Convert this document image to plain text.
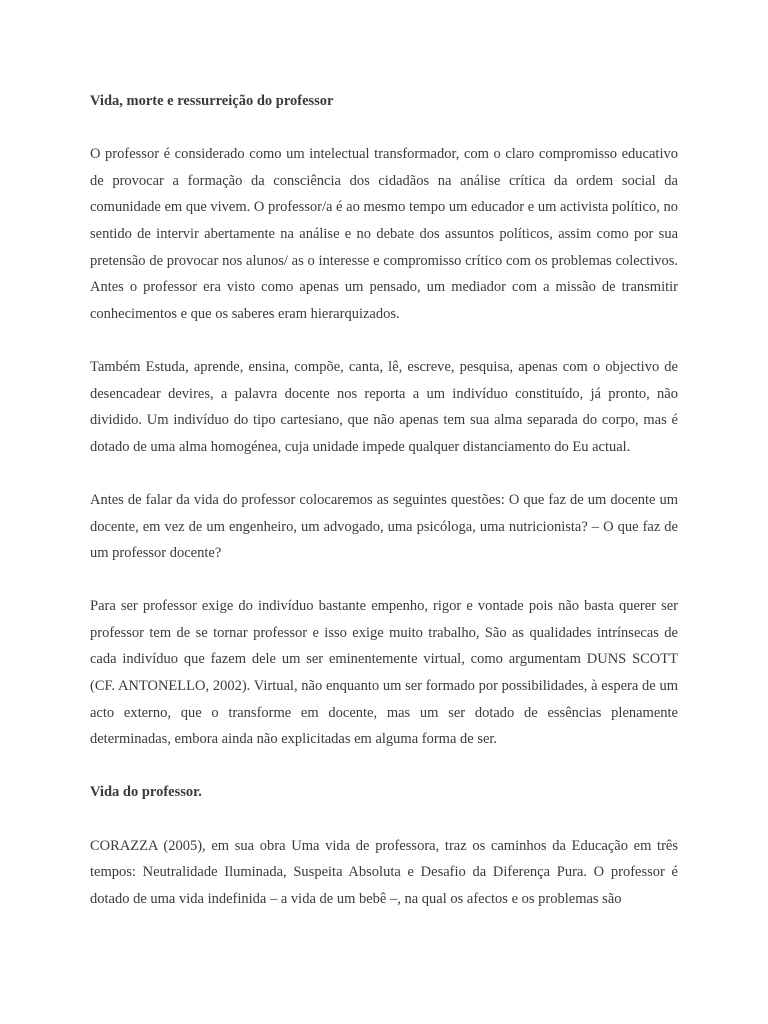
Vida, morte e ressurreição do professor

O professor é considerado como um intelectual transformador, com o claro compromisso educativo de provocar a formação da consciência dos cidadãos na análise crítica da ordem social da comunidade em que vivem. O professor/a é ao mesmo tempo um educador e um activista político, no sentido de intervir abertamente na análise e no debate dos assuntos políticos, assim como por sua pretensão de provocar nos alunos/ as o interesse e compromisso crítico com os problemas colectivos. Antes o professor era visto como apenas um pensado, um mediador com a missão de transmitir conhecimentos e que os saberes eram hierarquizados.

Também Estuda, aprende, ensina, compõe, canta, lê, escreve, pesquisa, apenas com o objectivo de desencadear devires, a palavra docente nos reporta a um indivíduo constituído, já pronto, não dividido. Um indivíduo do tipo cartesiano, que não apenas tem sua alma separada do corpo, mas é dotado de uma alma homogénea, cuja unidade impede qualquer distanciamento do Eu actual.

Antes de falar da vida do professor colocaremos as seguintes questões: O que faz de um docente um docente, em vez de um engenheiro, um advogado, uma psicóloga, uma nutricionista? – O que faz de um professor docente?

Para ser professor exige do indivíduo bastante empenho, rigor e vontade pois não basta querer ser professor tem de se tornar professor e isso exige muito trabalho, São as qualidades intrínsecas de cada indivíduo que fazem dele um ser eminentemente virtual, como argumentam DUNS SCOTT (CF. ANTONELLO, 2002). Virtual, não enquanto um ser formado por possibilidades, à espera de um acto externo, que o transforme em docente, mas um ser dotado de essências plenamente determinadas, embora ainda não explicitadas em alguma forma de ser.

Vida do professor.

CORAZZA (2005), em sua obra Uma vida de professora, traz os caminhos da Educação em três tempos: Neutralidade Iluminada, Suspeita Absoluta e Desafio da Diferença Pura. O professor é dotado de uma vida indefinida – a vida de um bebê –, na qual os afectos e os problemas são
